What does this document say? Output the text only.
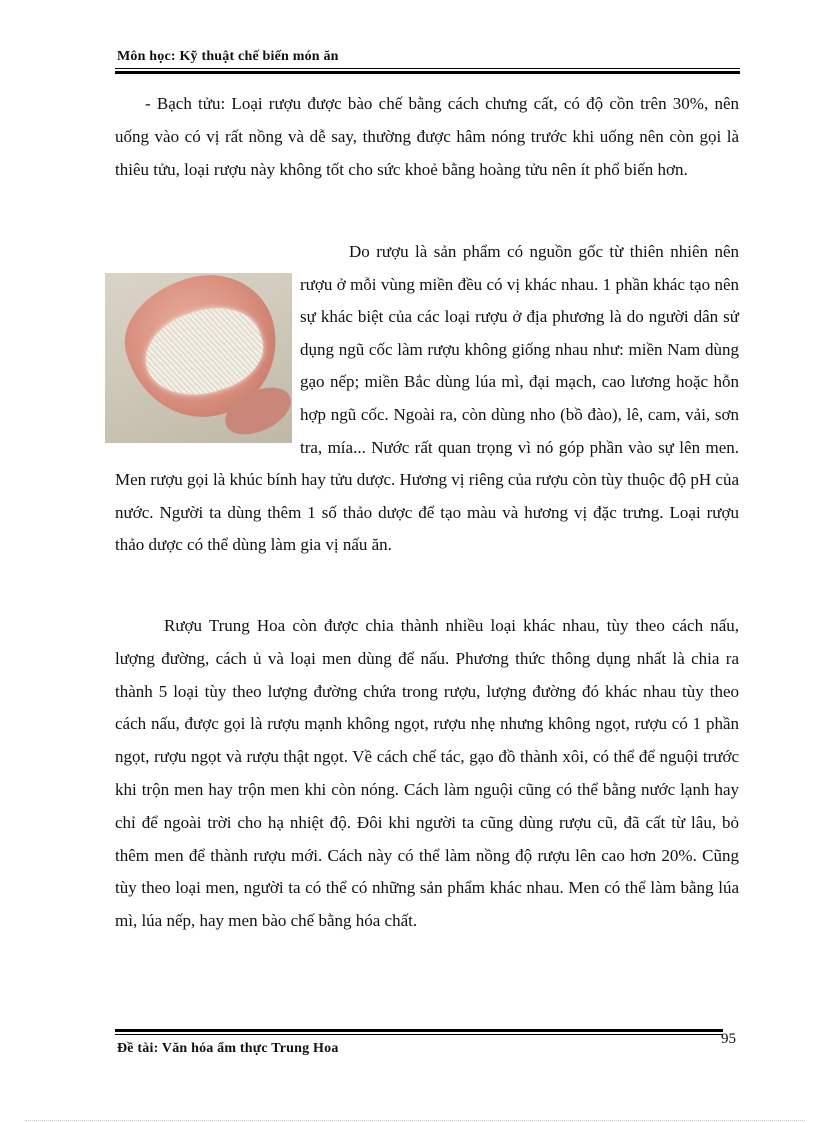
Môn học: Kỹ thuật chế biến món ăn

- Bạch tửu: Loại rượu được bào chế bằng cách chưng cất, có độ cồn trên 30%, nên uống vào có vị rất nồng và dễ say, thường được hâm nóng trước khi uống nên còn gọi là thiêu tửu, loại rượu này không tốt cho sức khoẻ bằng hoàng tửu nên ít phổ biến hơn.

Do rượu là sản phẩm có nguồn gốc từ thiên nhiên nên rượu ở mỗi vùng miền đều có vị khác nhau. 1 phần khác tạo nên sự khác biệt của các loại rượu ở địa phương là do người dân sử dụng ngũ cốc làm rượu không giống nhau như: miền Nam dùng gạo nếp; miền Bắc dùng lúa mì, đại mạch, cao lương hoặc hỗn hợp ngũ cốc. Ngoài ra, còn dùng nho (bồ đào), lê, cam, vải, sơn tra, mía... Nước rất quan trọng vì nó góp phần vào sự lên men. Men rượu gọi là khúc bính hay tửu dược. Hương vị riêng của rượu còn tùy thuộc độ pH của nước. Người ta dùng thêm 1 số thảo dược để tạo màu và hương vị đặc trưng. Loại rượu thảo dược có thể dùng làm gia vị nấu ăn.

Rượu Trung Hoa còn được chia thành nhiều loại khác nhau, tùy theo cách nấu, lượng đường, cách ủ và loại men dùng để nấu. Phương thức thông dụng nhất là chia ra thành 5 loại tùy theo lượng đường chứa trong rượu, lượng đường đó khác nhau tùy theo cách nấu, được gọi là rượu mạnh không ngọt, rượu nhẹ nhưng không ngọt, rượu có 1 phần ngọt, rượu ngọt và rượu thật ngọt. Về cách chế tác, gạo đồ thành xôi, có thể để nguội trước khi trộn men hay trộn men khi còn nóng. Cách làm nguội cũng có thể bằng nước lạnh hay chỉ để ngoài trời cho hạ nhiệt độ. Đôi khi người ta cũng dùng rượu cũ, đã cất từ lâu, bỏ thêm men để thành rượu mới. Cách này có thể làm nồng độ rượu lên cao hơn 20%. Cũng tùy theo loại men, người ta có thể có những sản phẩm khác nhau. Men có thể làm bằng lúa mì, lúa nếp, hay men bào chế bằng hóa chất.

95
Đề tài: Văn hóa ẩm thực Trung Hoa
